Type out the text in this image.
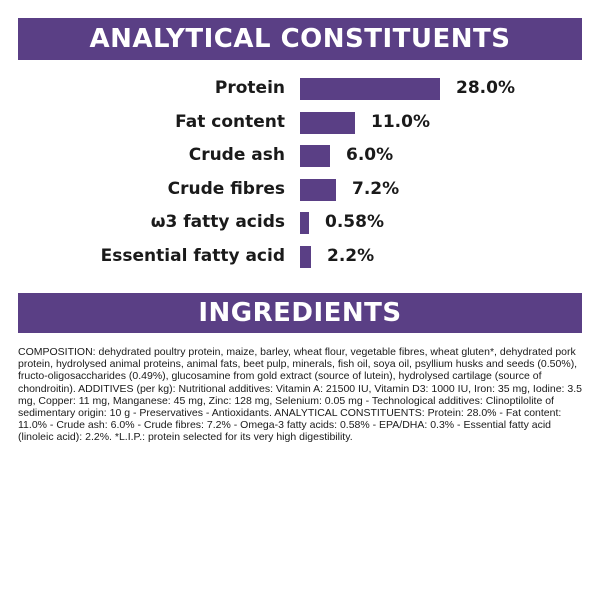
ANALYTICAL CONSTITUENTS
Protein	28.0%
Fat content	11.0%
Crude ash	6.0%
Crude fibres	7.2%
ω3 fatty acids 0.58%
Essential fatty acid 2.2%
INGREDIENTS
COMPOSITION: dehydrated poultry protein, maize, barley, wheat flour, vegetable fibres, wheat gluten*, dehydrated pork protein, hydrolysed animal proteins, animal fats, beet pulp, minerals, fish oil, soya oil, psyllium husks and seeds (0.50%), fructo-oligosaccharides (0.49%), glucosamine from gold extract (source of lutein), hydrolysed cartilage (source of chondroitin). ADDITIVES (per kg): Nutritional additives: Vitamin A: 21500 IU, Vitamin D3: 1000 IU, Iron: 35 mg, Iodine: 3.5 mg, Copper: 11 mg, Manganese: 45 mg, Zinc: 128 mg, Selenium: 0.05 mg - Technological additives: Clinoptilolite of sedimentary origin: 10 g - Preservatives - Antioxidants. ANALYTICAL CONSTITUENTS: Protein: 28.0% - Fat content: 11.0% - Crude ash: 6.0% - Crude fibres: 7.2% - Omega-3 fatty acids: 0.58% - EPA/DHA: 0.3% - Essential fatty acid (linoleic acid): 2.2%. *L.I.P.: protein selected for its very high digestibility.
